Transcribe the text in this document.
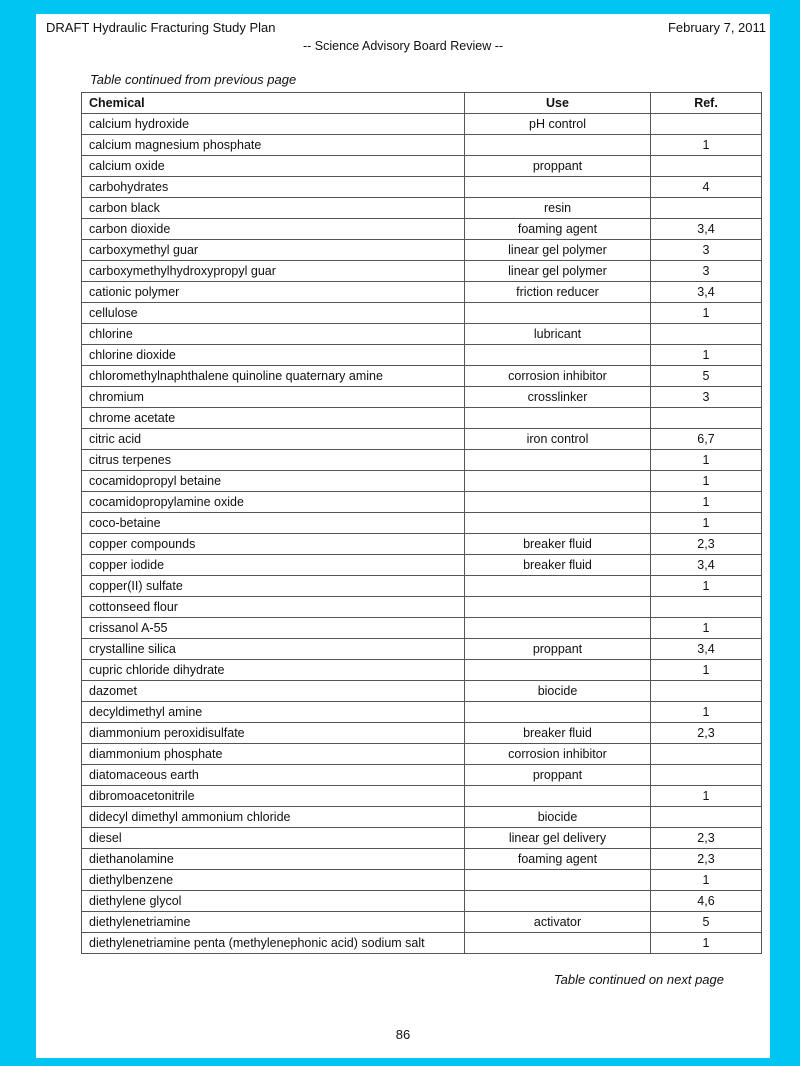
DRAFT Hydraulic Fracturing Study Plan	February 7, 2011
-- Science Advisory Board Review --
Table continued from previous page
Chemical	Use	Ref.
calcium hydroxide	pH control	
calcium magnesium phosphate		1
calcium oxide	proppant	
carbohydrates		4
carbon black	resin	
carbon dioxide	foaming agent	3,4
carboxymethyl guar	linear gel polymer	3
carboxymethylhydroxypropyl guar	linear gel polymer	3
cationic polymer	friction reducer	3,4
cellulose		1
chlorine	lubricant	
chlorine dioxide		1
chloromethylnaphthalene quinoline quaternary amine	corrosion inhibitor	5
chromium	crosslinker	3
chrome acetate		
citric acid	iron control	6,7
citrus terpenes		1
cocamidopropyl betaine		1
cocamidopropylamine oxide		1
coco-betaine		1
copper compounds	breaker fluid	2,3
copper iodide	breaker fluid	3,4
copper(II) sulfate		1
cottonseed flour		
crissanol A-55		1
crystalline silica	proppant	3,4
cupric chloride dihydrate		1
dazomet	biocide	
decyldimethyl amine		1
diammonium peroxidisulfate	breaker fluid	2,3
diammonium phosphate	corrosion inhibitor	
diatomaceous earth	proppant	
dibromoacetonitrile		1
didecyl dimethyl ammonium chloride	biocide	
diesel	linear gel delivery	2,3
diethanolamine	foaming agent	2,3
diethylbenzene		1
diethylene glycol		4,6
diethylenetriamine	activator	5
diethylenetriamine penta (methylenephonic acid) sodium salt		1
Table continued on next page
86
